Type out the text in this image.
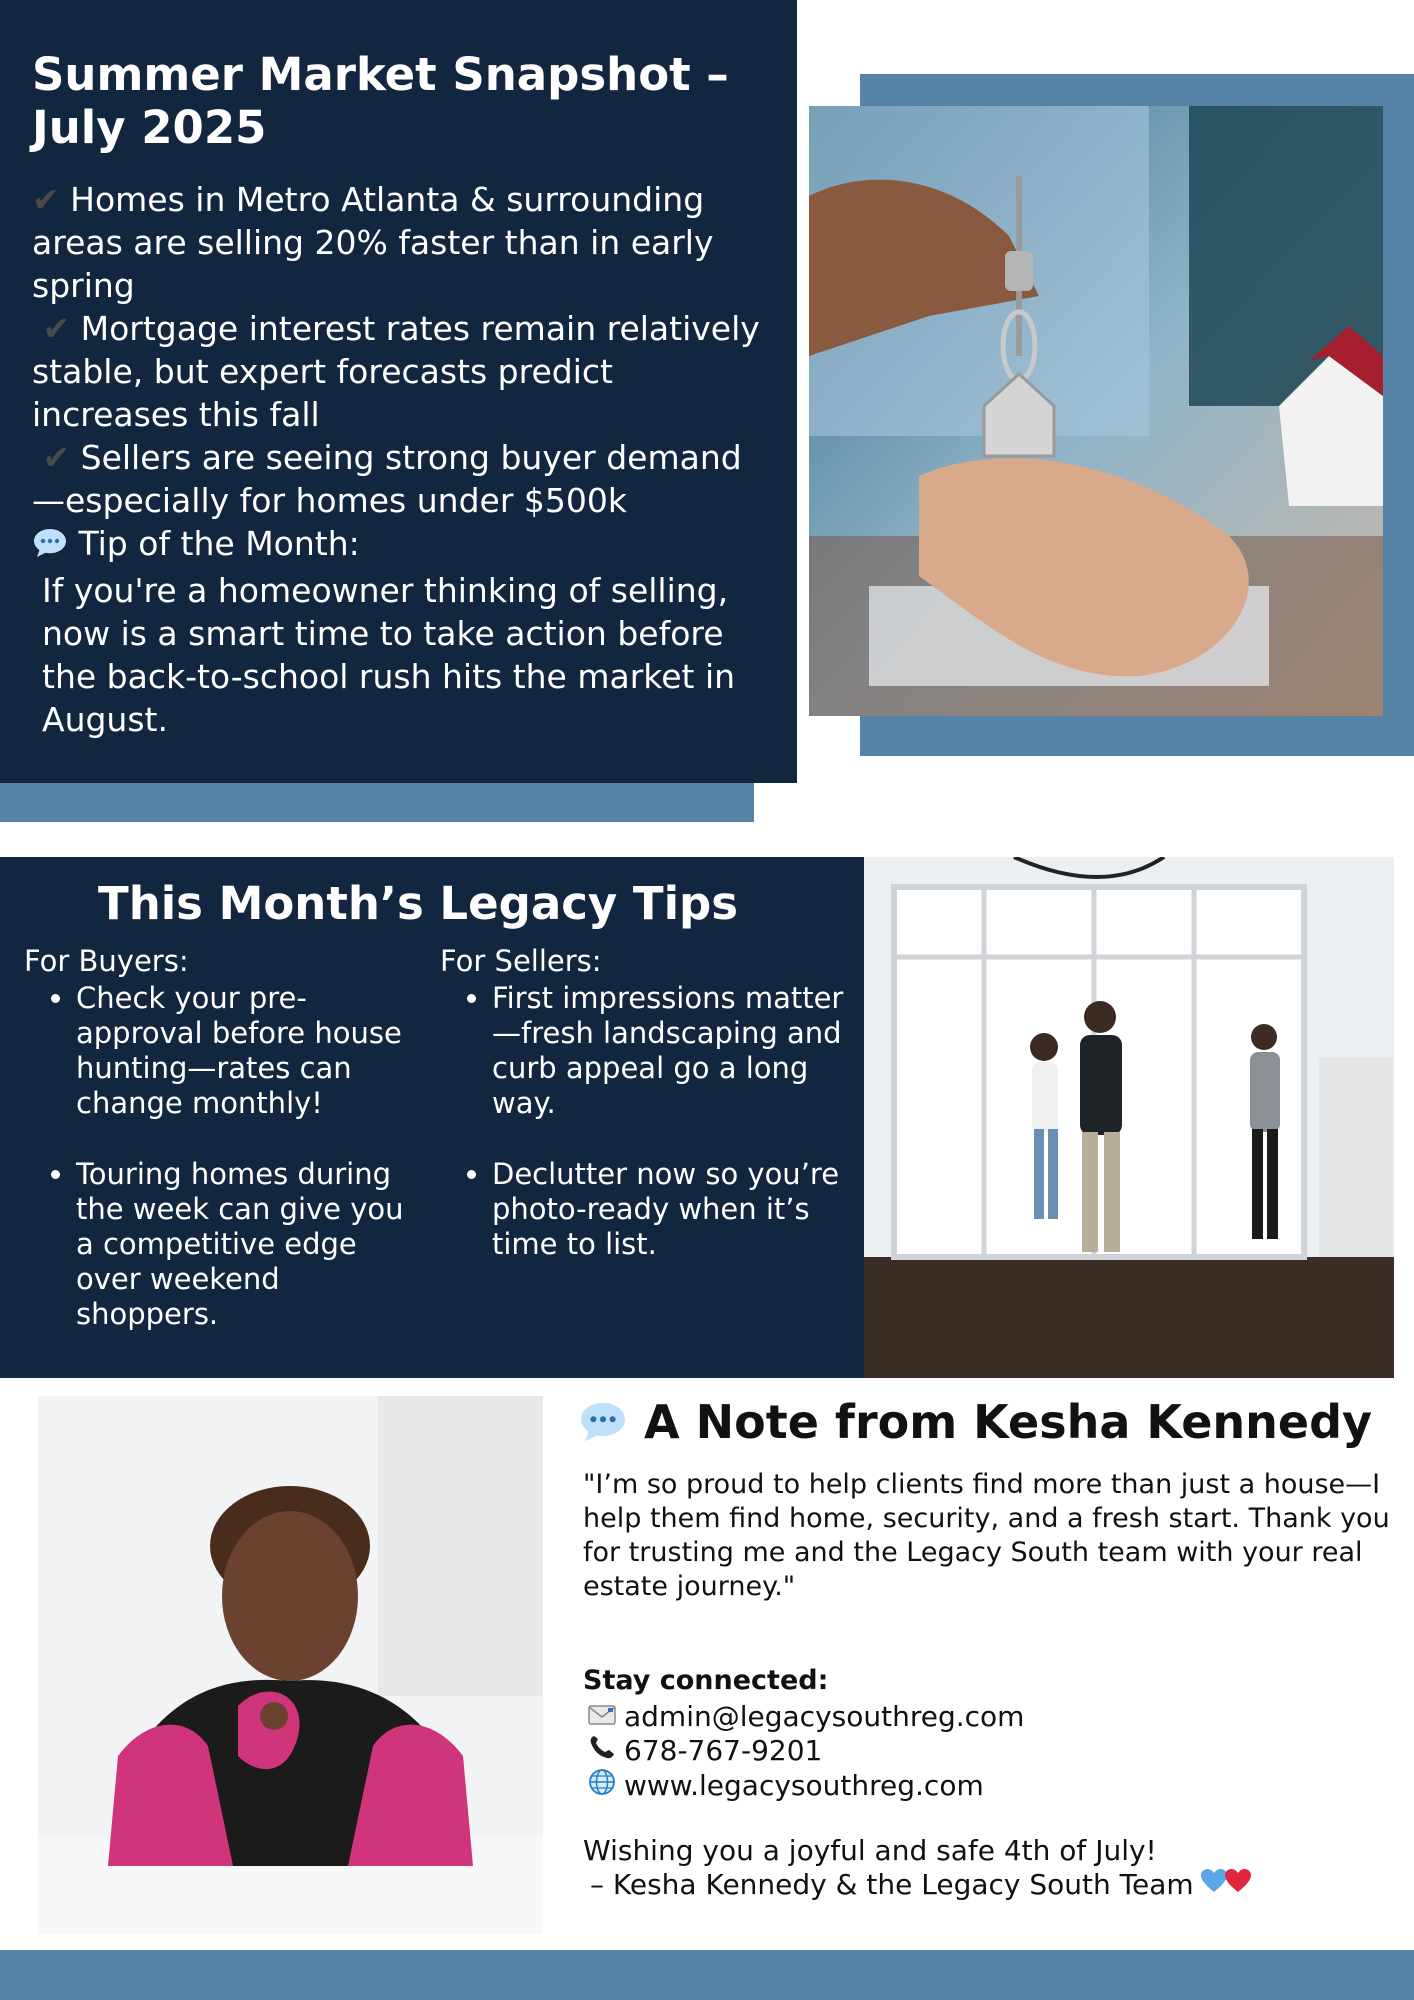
Summer Market Snapshot – July 2025

✔ Homes in Metro Atlanta & surrounding areas are selling 20% faster than in early spring

✔ Mortgage interest rates remain relatively stable, but expert forecasts predict increases this fall

✔ Sellers are seeing strong buyer demand—especially for homes under $500k

Tip of the Month:

If you're a homeowner thinking of selling, now is a smart time to take action before the back-to-school rush hits the market in August.

This Month’s Legacy Tips
For Buyers:
• Check your pre-approval before house hunting—rates can change monthly!
• Touring homes during the week can give you a competitive edge over weekend shoppers.
For Sellers:
• First impressions matter—fresh landscaping and curb appeal go a long way.
• Declutter now so you’re photo-ready when it’s time to list.
A Note from Kesha Kennedy
"I’m so proud to help clients find more than just a house—I help them find home, security, and a fresh start. Thank you for trusting me and the Legacy South team with your real estate journey."
Stay connected:
admin@legacysouthreg.com
678-767-9201
www.legacysouthreg.com
Wishing you a joyful and safe 4th of July!
– Kesha Kennedy & the Legacy South Team
